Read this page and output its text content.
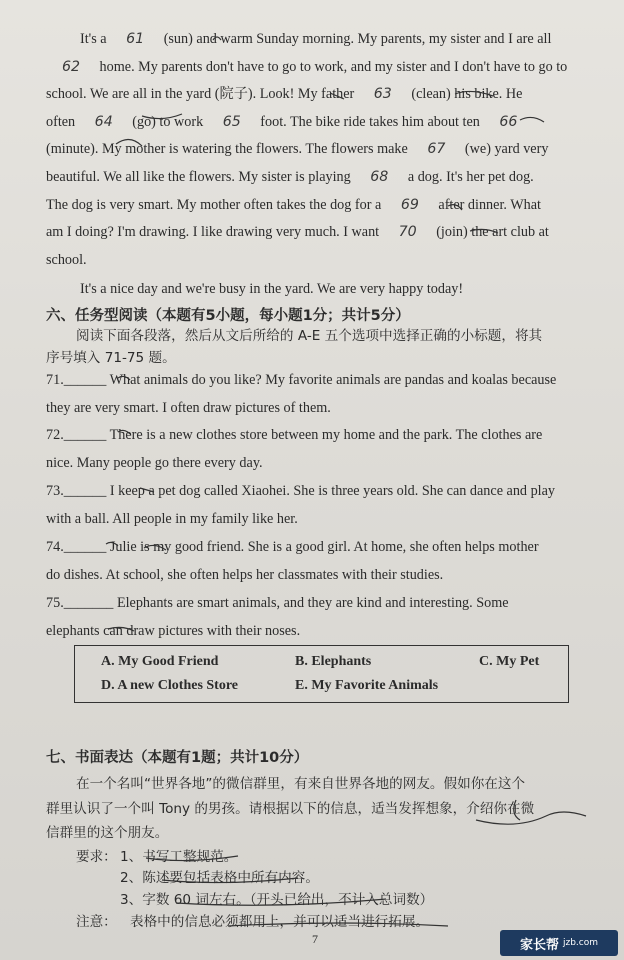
It's a 61 (sun) and warm Sunday morning. My parents, my sister and I are all
62 home. My parents don't have to go to work, and my sister and I don't have to go to
school. We are all in the yard (院子). Look! My father 63 (clean) his bike. He
often 64 (go) to work 65 foot. The bike ride takes him about ten 66
(minute). My mother is watering the flowers. The flowers make 67 (we) yard very
beautiful. We all like the flowers. My sister is playing 68 a dog. It's her pet dog.
The dog is very smart. My mother often takes the dog for a 69 after dinner. What
am I doing? I'm drawing. I like drawing very much. I want 70 (join) the art club at
school.
It's a nice day and we're busy in the yard. We are very happy today!
六、任务型阅读（本题有5小题，每小题1分；共计5分）
阅读下面各段落，然后从文后所给的 A-E 五个选项中选择正确的小标题，将其
序号填入 71-75 题。
71.______ What animals do you like? My favorite animals are pandas and koalas because
they are very smart. I often draw pictures of them.
72.______ There is a new clothes store between my home and the park. The clothes are
nice. Many people go there every day.
73.______ I keep a pet dog called Xiaohei. She is three years old. She can dance and play
with a ball. All people in my family like her.
74.______ Julie is my good friend. She is a good girl. At home, she often helps mother
do dishes. At school, she often helps her classmates with their studies.
75._______ Elephants are smart animals, and they are kind and interesting. Some
elephants can draw pictures with their noses.
A. My Good Friend	B. Elephants	C. My Pet
D. A new Clothes Store	E. My Favorite Animals
七、书面表达（本题有1题；共计10分）
在一个名叫“世界各地”的微信群里，有来自世界各地的网友。假如你在这个
群里认识了一个叫 Tony 的男孩。请根据以下的信息，适当发挥想象，介绍你在微
信群里的这个朋友。
要求： 1、书写工整规范。
2、陈述要包括表格中所有内容。
3、字数 60 词左右。（开头已给出，不计入总词数）
注意： 表格中的信息必须都用上，并可以适当进行拓展。
7	家长帮 jzb.com
